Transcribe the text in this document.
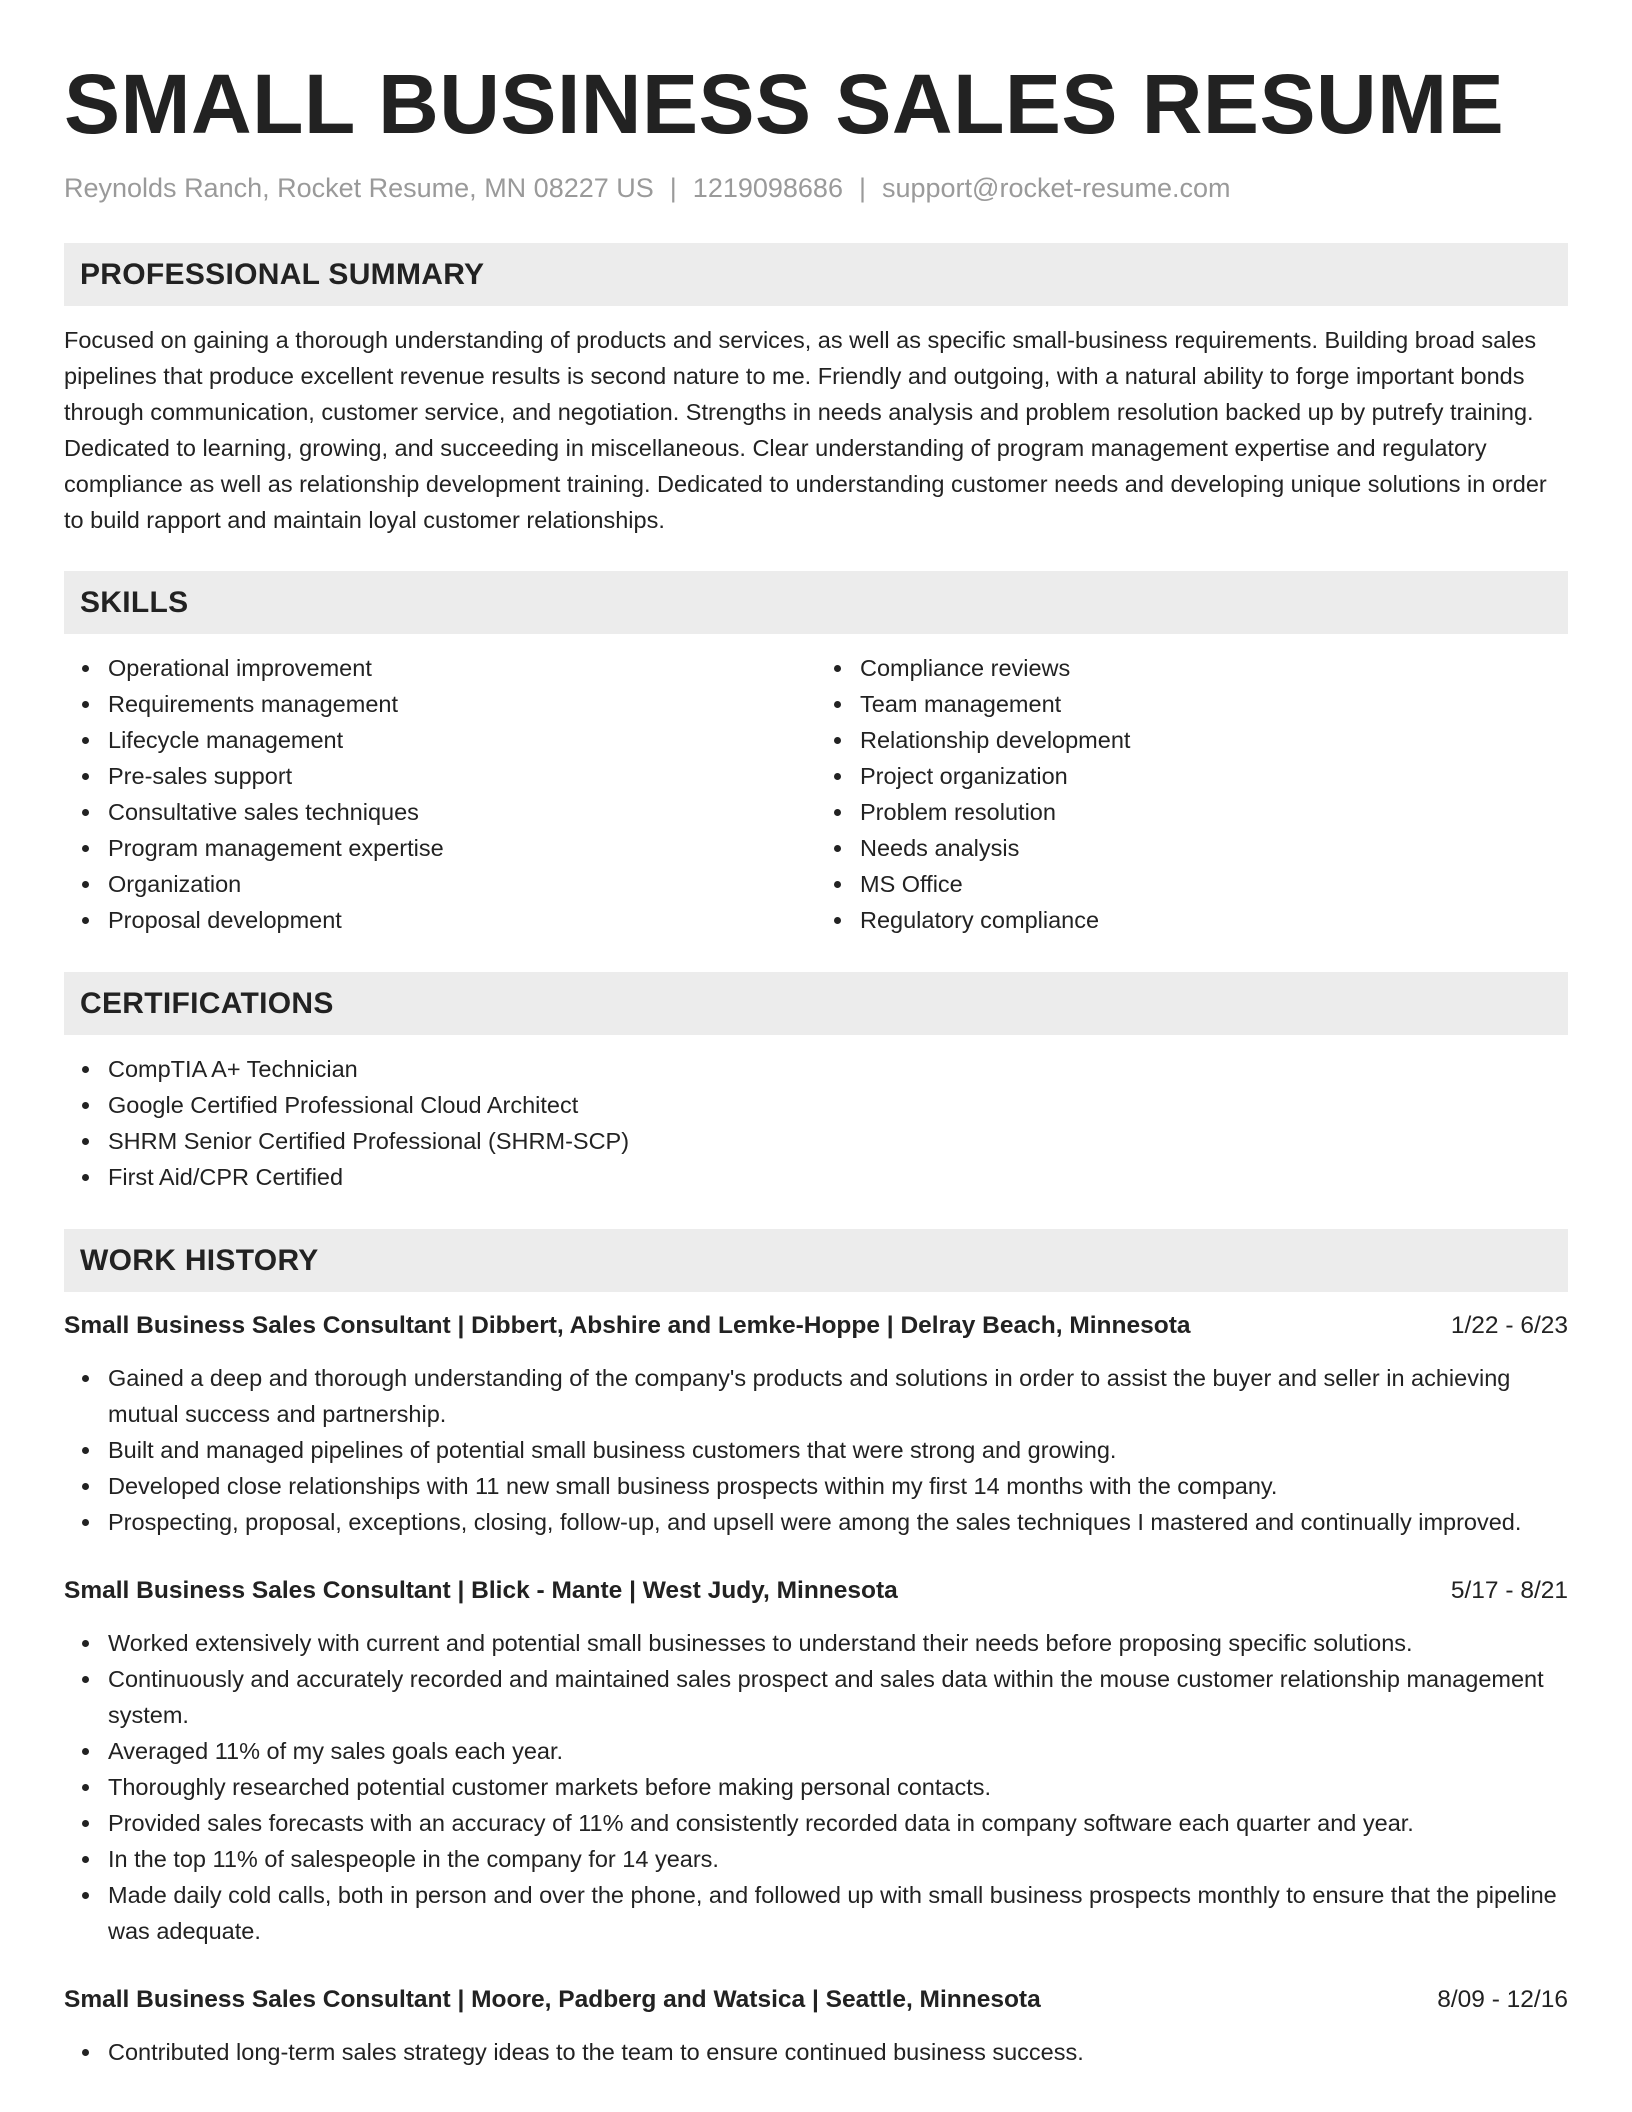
SMALL BUSINESS SALES RESUME
Reynolds Ranch, Rocket Resume, MN 08227 US | 1219098686 | support@rocket-resume.com
PROFESSIONAL SUMMARY
Focused on gaining a thorough understanding of products and services, as well as specific small-business requirements. Building broad sales pipelines that produce excellent revenue results is second nature to me. Friendly and outgoing, with a natural ability to forge important bonds through communication, customer service, and negotiation. Strengths in needs analysis and problem resolution backed up by putrefy training. Dedicated to learning, growing, and succeeding in miscellaneous. Clear understanding of program management expertise and regulatory compliance as well as relationship development training. Dedicated to understanding customer needs and developing unique solutions in order to build rapport and maintain loyal customer relationships.
SKILLS
Operational improvement
Requirements management
Lifecycle management
Pre-sales support
Consultative sales techniques
Program management expertise
Organization
Proposal development
Compliance reviews
Team management
Relationship development
Project organization
Problem resolution
Needs analysis
MS Office
Regulatory compliance
CERTIFICATIONS
CompTIA A+ Technician
Google Certified Professional Cloud Architect
SHRM Senior Certified Professional (SHRM-SCP)
First Aid/CPR Certified
WORK HISTORY
Small Business Sales Consultant | Dibbert, Abshire and Lemke-Hoppe | Delray Beach, Minnesota	1/22 - 6/23
Gained a deep and thorough understanding of the company's products and solutions in order to assist the buyer and seller in achieving mutual success and partnership.
Built and managed pipelines of potential small business customers that were strong and growing.
Developed close relationships with 11 new small business prospects within my first 14 months with the company.
Prospecting, proposal, exceptions, closing, follow-up, and upsell were among the sales techniques I mastered and continually improved.
Small Business Sales Consultant | Blick - Mante | West Judy, Minnesota	5/17 - 8/21
Worked extensively with current and potential small businesses to understand their needs before proposing specific solutions.
Continuously and accurately recorded and maintained sales prospect and sales data within the mouse customer relationship management system.
Averaged 11% of my sales goals each year.
Thoroughly researched potential customer markets before making personal contacts.
Provided sales forecasts with an accuracy of 11% and consistently recorded data in company software each quarter and year.
In the top 11% of salespeople in the company for 14 years.
Made daily cold calls, both in person and over the phone, and followed up with small business prospects monthly to ensure that the pipeline was adequate.
Small Business Sales Consultant | Moore, Padberg and Watsica | Seattle, Minnesota	8/09 - 12/16
Contributed long-term sales strategy ideas to the team to ensure continued business success.
